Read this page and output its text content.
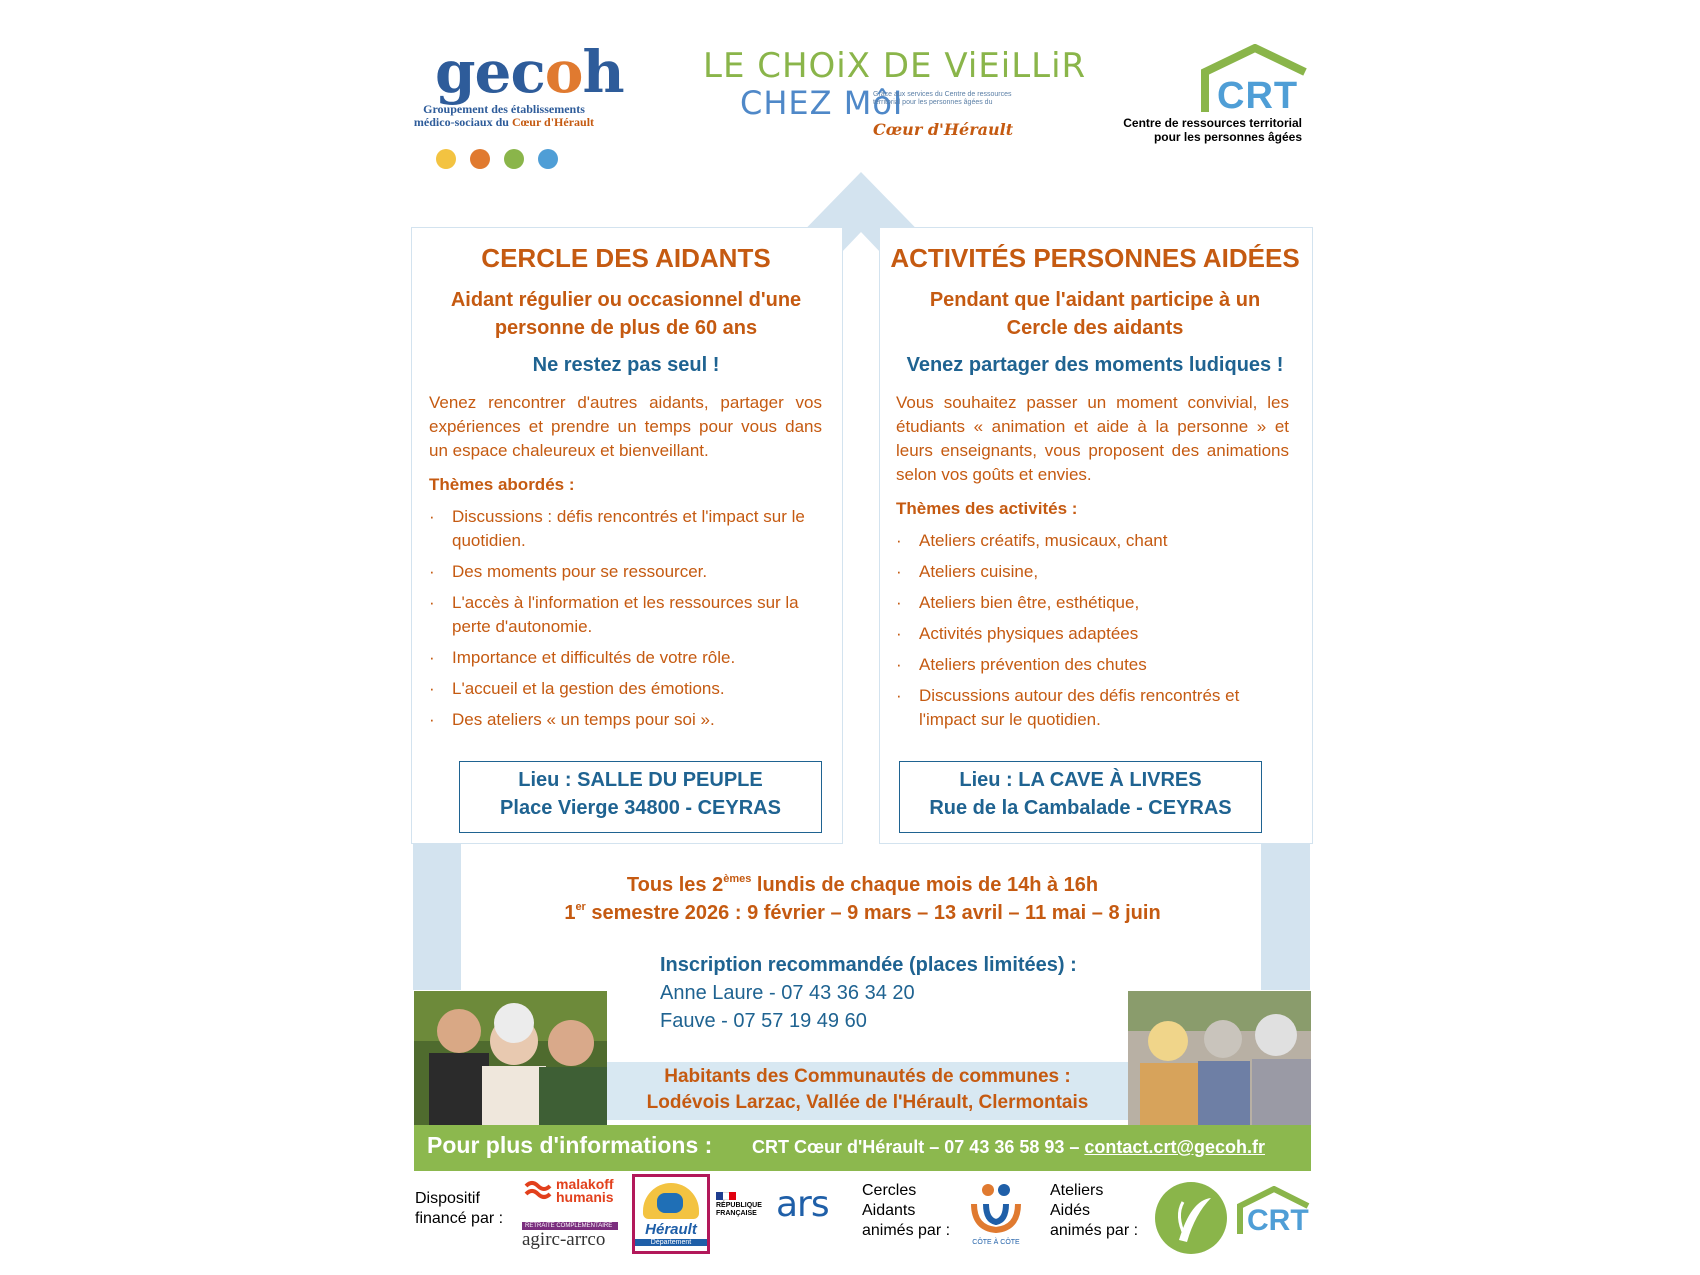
gecoh
Groupement des établissements
médico-sociaux du Cœur d'Hérault
LE CHOiX DE ViEiLLiR
CHEZ MôI
Grâce aux services du Centre de ressources territorial pour les personnes âgées du
Cœur d'Hérault
CRT
Centre de ressources territorial
pour les personnes âgées
CERCLE DES AIDANTS
Aidant régulier ou occasionnel d'une personne de plus de 60 ans
Ne restez pas seul !
Venez rencontrer d'autres aidants, partager vos expériences et prendre un temps pour vous dans un espace chaleureux et bienveillant.
Thèmes abordés :
· Discussions : défis rencontrés et l'impact sur le quotidien.
· Des moments pour se ressourcer.
· L'accès à l'information et les ressources sur la perte d'autonomie.
· Importance et difficultés de votre rôle.
· L'accueil et la gestion des émotions.
· Des ateliers « un temps pour soi ».
Lieu : SALLE DU PEUPLE
Place Vierge 34800 - CEYRAS
ACTIVITÉS PERSONNES AIDÉES
Pendant que l'aidant participe à un Cercle des aidants
Venez partager des moments ludiques !
Vous souhaitez passer un moment convivial, les étudiants « animation et aide à la personne » et leurs enseignants, vous proposent des animations selon vos goûts et envies.
Thèmes des activités :
· Ateliers créatifs, musicaux, chant
· Ateliers cuisine,
· Ateliers bien être, esthétique,
· Activités physiques adaptées
· Ateliers prévention des chutes
· Discussions autour des défis rencontrés et l'impact sur le quotidien.
Lieu : LA CAVE À LIVRES
Rue de la Cambalade - CEYRAS
Tous les 2èmes lundis de chaque mois de 14h à 16h
1er semestre 2026 : 9 février – 9 mars – 13 avril – 11 mai – 8 juin
Inscription recommandée (places limitées) :
Anne Laure - 07 43 36 34 20
Fauve - 07 57 19 49 60
Habitants des Communautés de communes :
Lodévois Larzac, Vallée de l'Hérault, Clermontais
Pour plus d'informations : CRT Cœur d'Hérault – 07 43 36 58 93 – contact.crt@gecoh.fr
Dispositif
financé par :
malakoff
humanis
RETRAITE COMPLÉMENTAIRE
agirc-arrco	Hérault
Département
RÉPUBLIQUE
FRANÇAISE ars Cercles
Aidants
animés par :
CÔTE À CÔTE
Ateliers
Aidés
animés par :	CRT
